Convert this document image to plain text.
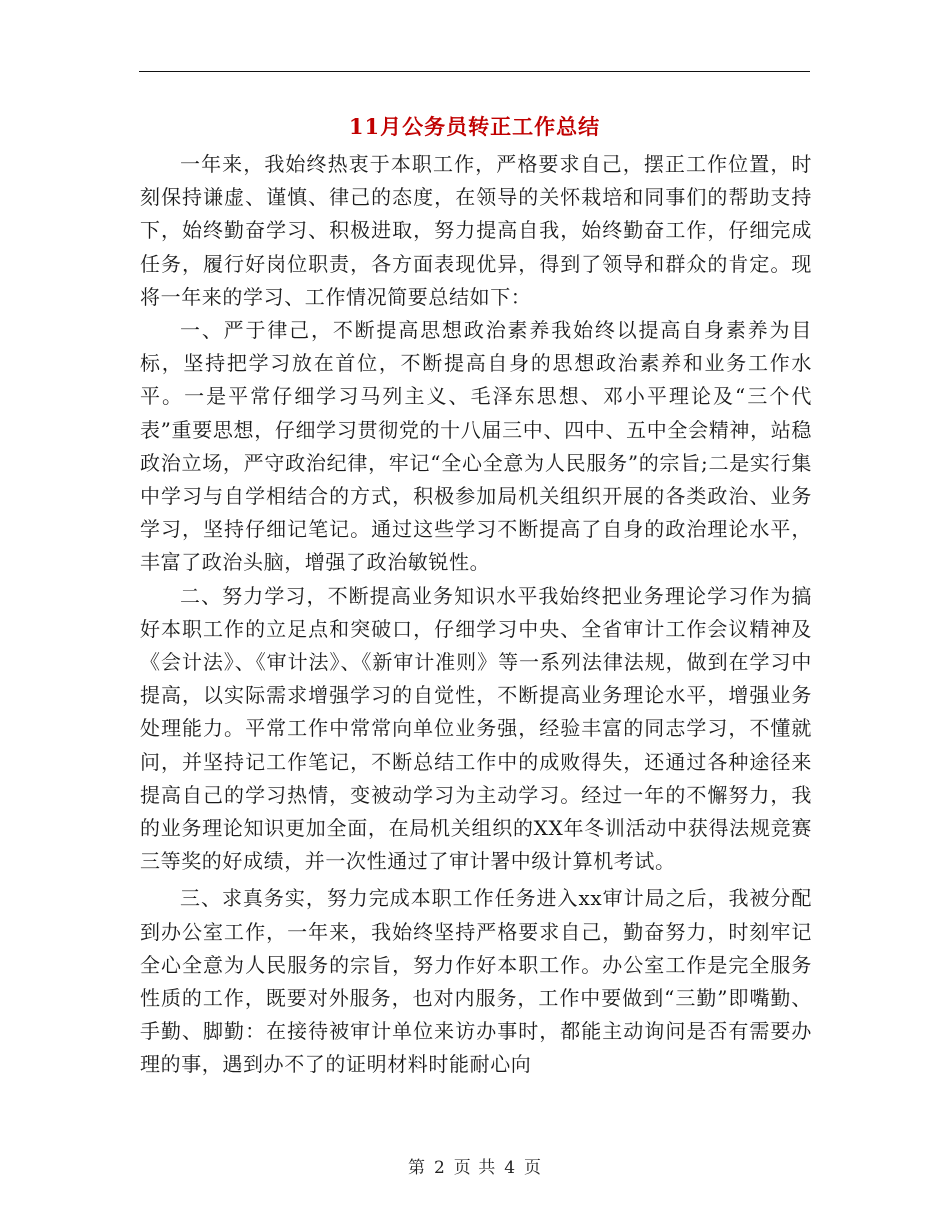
11月公务员转正工作总结

一年来，我始终热衷于本职工作，严格要求自己，摆正工作位置，时刻保持谦虚、谨慎、律己的态度，在领导的关怀栽培和同事们的帮助支持下，始终勤奋学习、积极进取，努力提高自我，始终勤奋工作，仔细完成任务，履行好岗位职责，各方面表现优异，得到了领导和群众的肯定。现将一年来的学习、工作情况简要总结如下：

一、严于律己，不断提高思想政治素养我始终以提高自身素养为目标，坚持把学习放在首位，不断提高自身的思想政治素养和业务工作水平。一是平常仔细学习马列主义、毛泽东思想、邓小平理论及“三个代表”重要思想，仔细学习贯彻党的十八届三中、四中、五中全会精神，站稳政治立场，严守政治纪律，牢记“全心全意为人民服务”的宗旨;二是实行集中学习与自学相结合的方式，积极参加局机关组织开展的各类政治、业务学习，坚持仔细记笔记。通过这些学习不断提高了自身的政治理论水平，丰富了政治头脑，增强了政治敏锐性。

二、努力学习，不断提高业务知识水平我始终把业务理论学习作为搞好本职工作的立足点和突破口，仔细学习中央、全省审计工作会议精神及《会计法》、《审计法》、《新审计准则》等一系列法律法规，做到在学习中提高，以实际需求增强学习的自觉性，不断提高业务理论水平，增强业务处理能力。平常工作中常常向单位业务强，经验丰富的同志学习，不懂就问，并坚持记工作笔记，不断总结工作中的成败得失，还通过各种途径来提高自己的学习热情，变被动学习为主动学习。经过一年的不懈努力，我的业务理论知识更加全面，在局机关组织的XX年冬训活动中获得法规竞赛三等奖的好成绩，并一次性通过了审计署中级计算机考试。

三、求真务实，努力完成本职工作任务进入xx审计局之后，我被分配到办公室工作，一年来，我始终坚持严格要求自己，勤奋努力，时刻牢记全心全意为人民服务的宗旨，努力作好本职工作。办公室工作是完全服务性质的工作，既要对外服务，也对内服务，工作中要做到“三勤”即嘴勤、手勤、脚勤：在接待被审计单位来访办事时，都能主动询问是否有需要办理的事，遇到办不了的证明材料时能耐心向

第 2 页 共 4 页
